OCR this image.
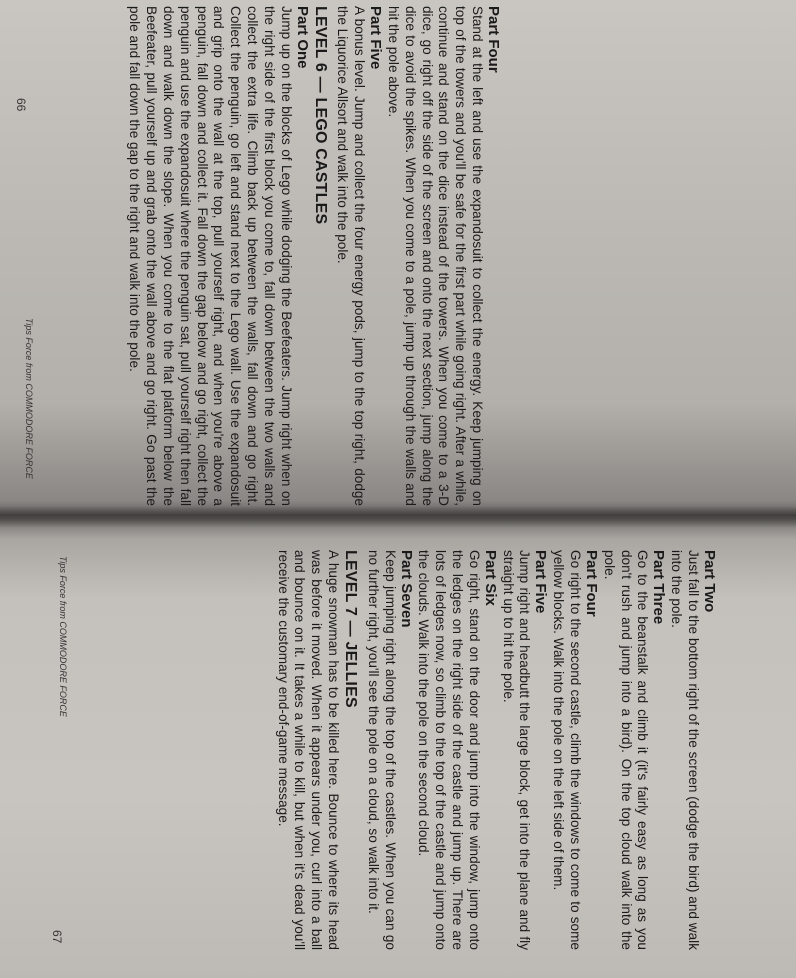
Part Four

Stand at the left and use the expandosuit to collect the energy. Keep jumping on top of the towers and you'll be safe for the first part while going right. After a while, continue and stand on the dice instead of the towers. When you come to a 3-D dice, go right off the side of the screen and onto the next section, jump along the dice to avoid the spikes. When you come to a pole, jump up through the walls and hit the pole above.

Part Five

A bonus level. Jump and collect the four energy pods, jump to the top right, dodge the Liquorice Allsort and walk into the pole.

LEVEL 6 — LEGO CASTLES
Part One

Jump up on the blocks of Lego while dodging the Beefeaters. Jump right when on the right side of the first block you come to, fall down between the two walls and collect the extra life. Climb back up between the walls, fall down and go right. Collect the penguin, go left and stand next to the Lego wall. Use the expandosuit and grip onto the wall at the top, pull yourself right, and when you're above a penguin, fall down and collect it. Fall down the gap below and go right, collect the penguin and use the expandosuit where the penguin sat, pull yourself right then fall down and walk down the slope. When you come to the flat platform below the Beefeater, pull yourself up and grab onto the wall above and go right. Go past the pole and fall down the gap to the right and walk into the pole.

66
Tips Force from COMMODORE FORCE
Part Two

Just fall to the bottom right of the screen (dodge the bird) and walk into the pole.

Part Three

Go to the beanstalk and climb it (it's fairly easy as long as you don't rush and jump into a bird). On the top cloud walk into the pole.

Part Four

Go right to the second castle, climb the windows to come to some yellow blocks. Walk into the pole on the left side of them.

Part Five

Jump right and headbutt the large block, get into the plane and fly straight up to hit the pole.

Part Six

Go right, stand on the door and jump into the window, jump onto the ledges on the right side of the castle and jump up. There are lots of ledges now, so climb to the top of the castle and jump onto the clouds. Walk into the pole on the second cloud.

Part Seven

Keep jumping right along the top of the castles. When you can go no further right, you'll see the pole on a cloud, so walk into it.

LEVEL 7 — JELLIES

A huge snowman has to be killed here. Bounce to where its head was before it moved. When it appears under you, curl into a ball and bounce on it. It takes a while to kill, but when it's dead you'll receive the customary end-of-game message.

Tips Force from COMMODORE FORCE
67
